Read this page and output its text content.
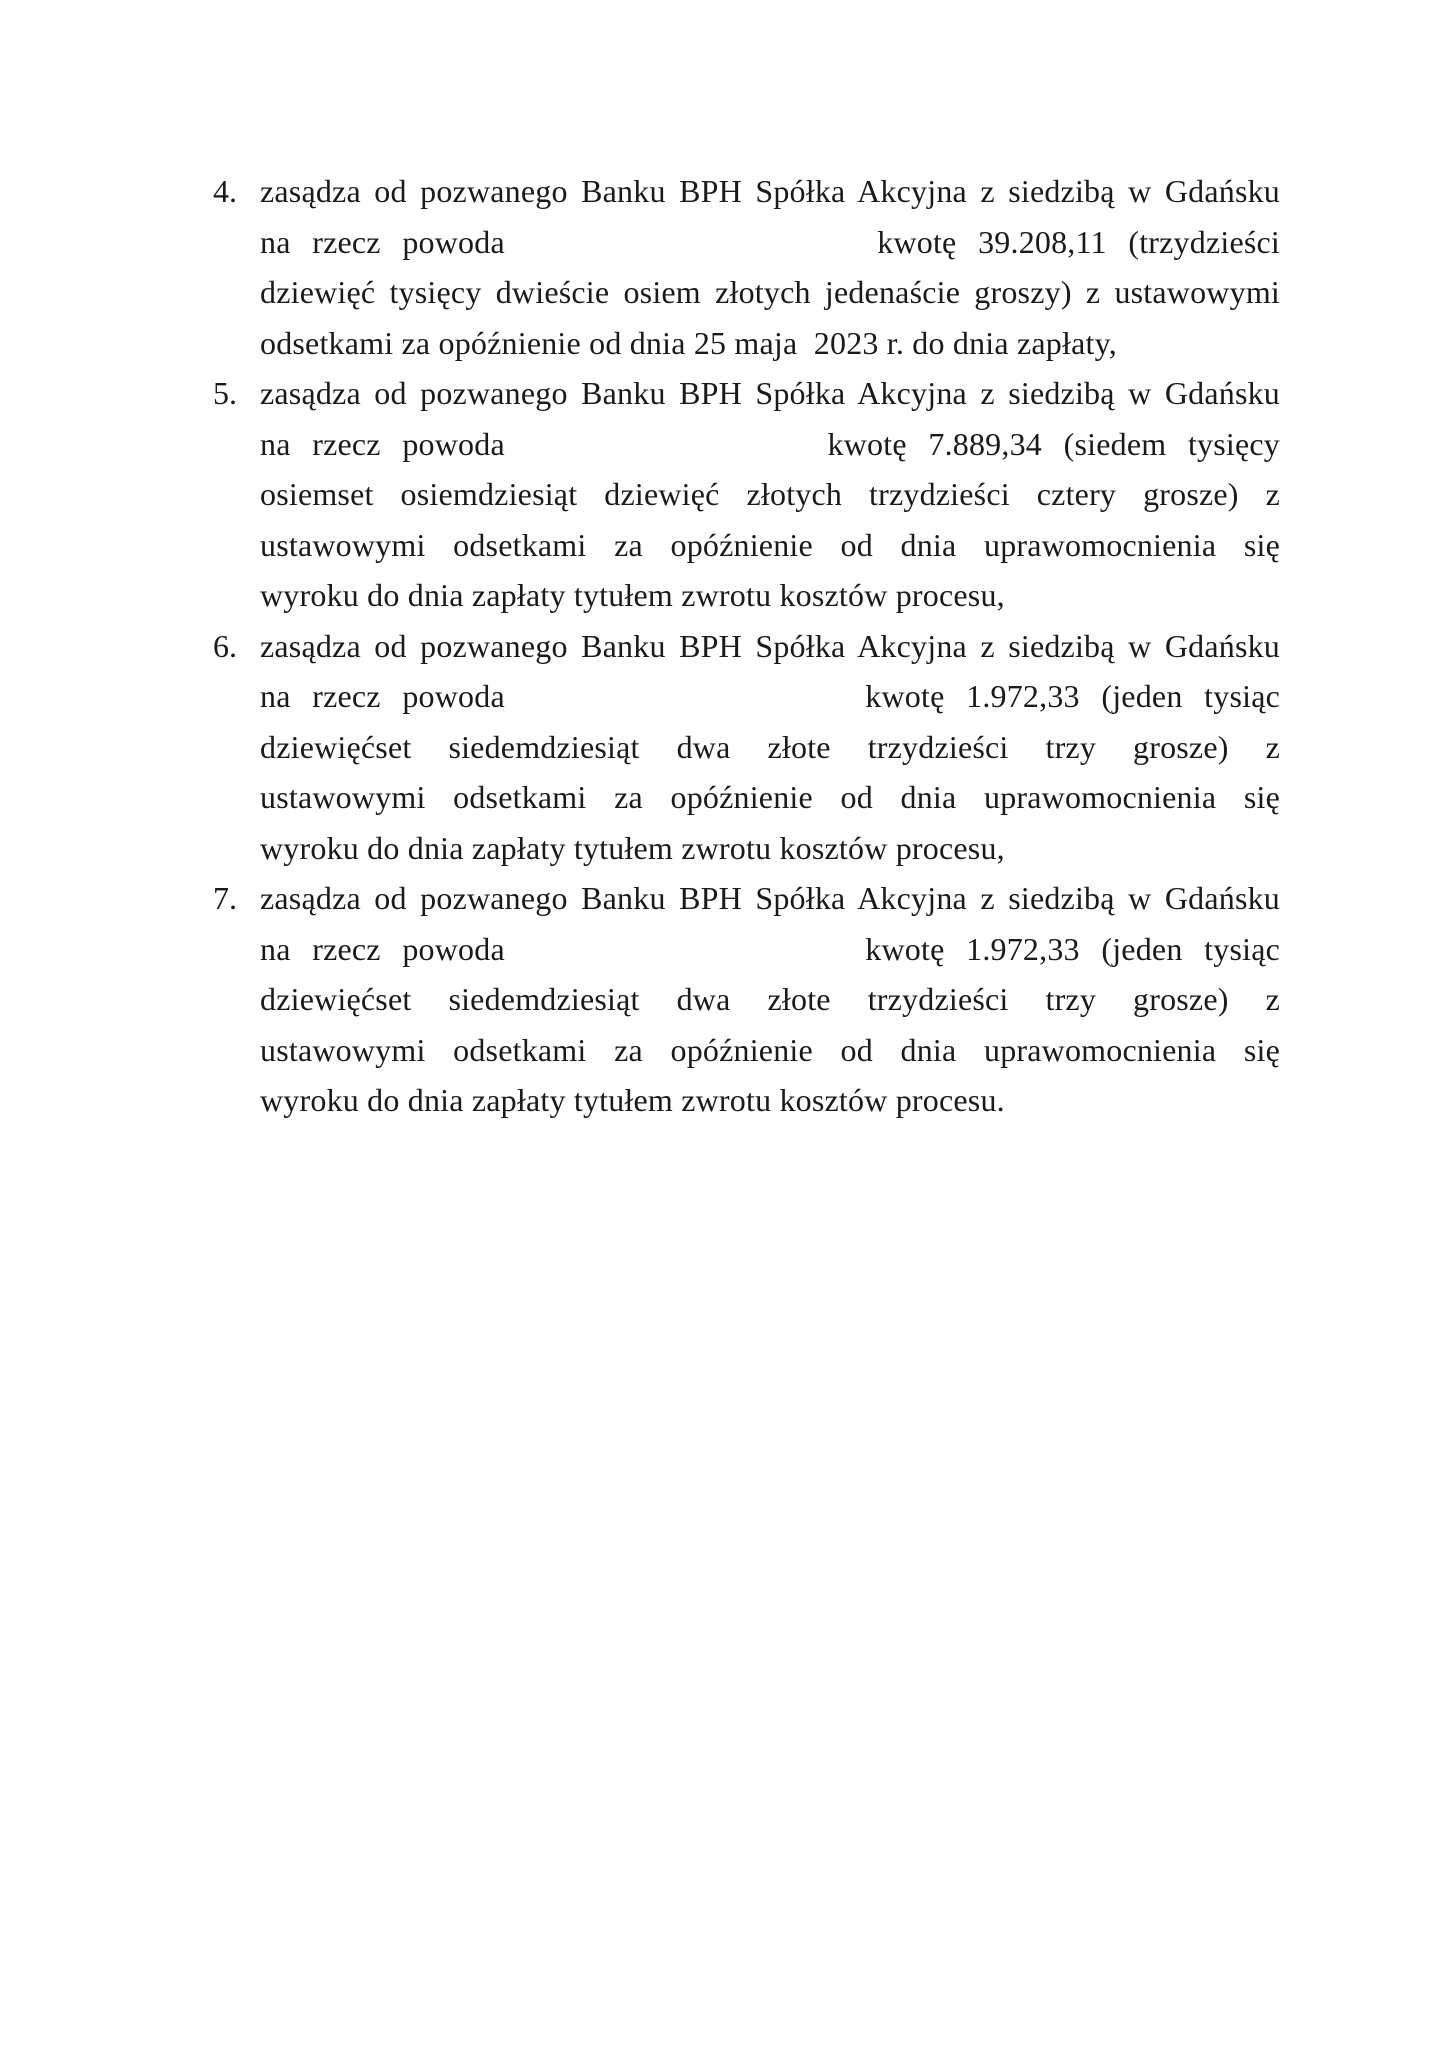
4. zasądza od pozwanego Banku BPH Spółka Akcyjna z siedzibą w Gdańsku
na rzecz powoda	kwotę 39.208,11 (trzydzieści
dziewięć tysięcy dwieście osiem złotych jedenaście groszy) z ustawowymi
odsetkami za opóźnienie od dnia 25 maja  2023 r. do dnia zapłaty,
5. zasądza od pozwanego Banku BPH Spółka Akcyjna z siedzibą w Gdańsku
na rzecz powoda	kwotę 7.889,34 (siedem tysięcy
osiemset osiemdziesiąt dziewięć złotych trzydzieści cztery grosze) z
ustawowymi odsetkami za opóźnienie od dnia uprawomocnienia się
wyroku do dnia zapłaty tytułem zwrotu kosztów procesu,
6. zasądza od pozwanego Banku BPH Spółka Akcyjna z siedzibą w Gdańsku
na rzecz powoda	kwotę 1.972,33 (jeden tysiąc
dziewięćset siedemdziesiąt dwa złote trzydzieści trzy grosze) z
ustawowymi odsetkami za opóźnienie od dnia uprawomocnienia się
wyroku do dnia zapłaty tytułem zwrotu kosztów procesu,
7. zasądza od pozwanego Banku BPH Spółka Akcyjna z siedzibą w Gdańsku
na rzecz powoda	kwotę 1.972,33 (jeden tysiąc
dziewięćset siedemdziesiąt dwa złote trzydzieści trzy grosze) z
ustawowymi odsetkami za opóźnienie od dnia uprawomocnienia się
wyroku do dnia zapłaty tytułem zwrotu kosztów procesu.
